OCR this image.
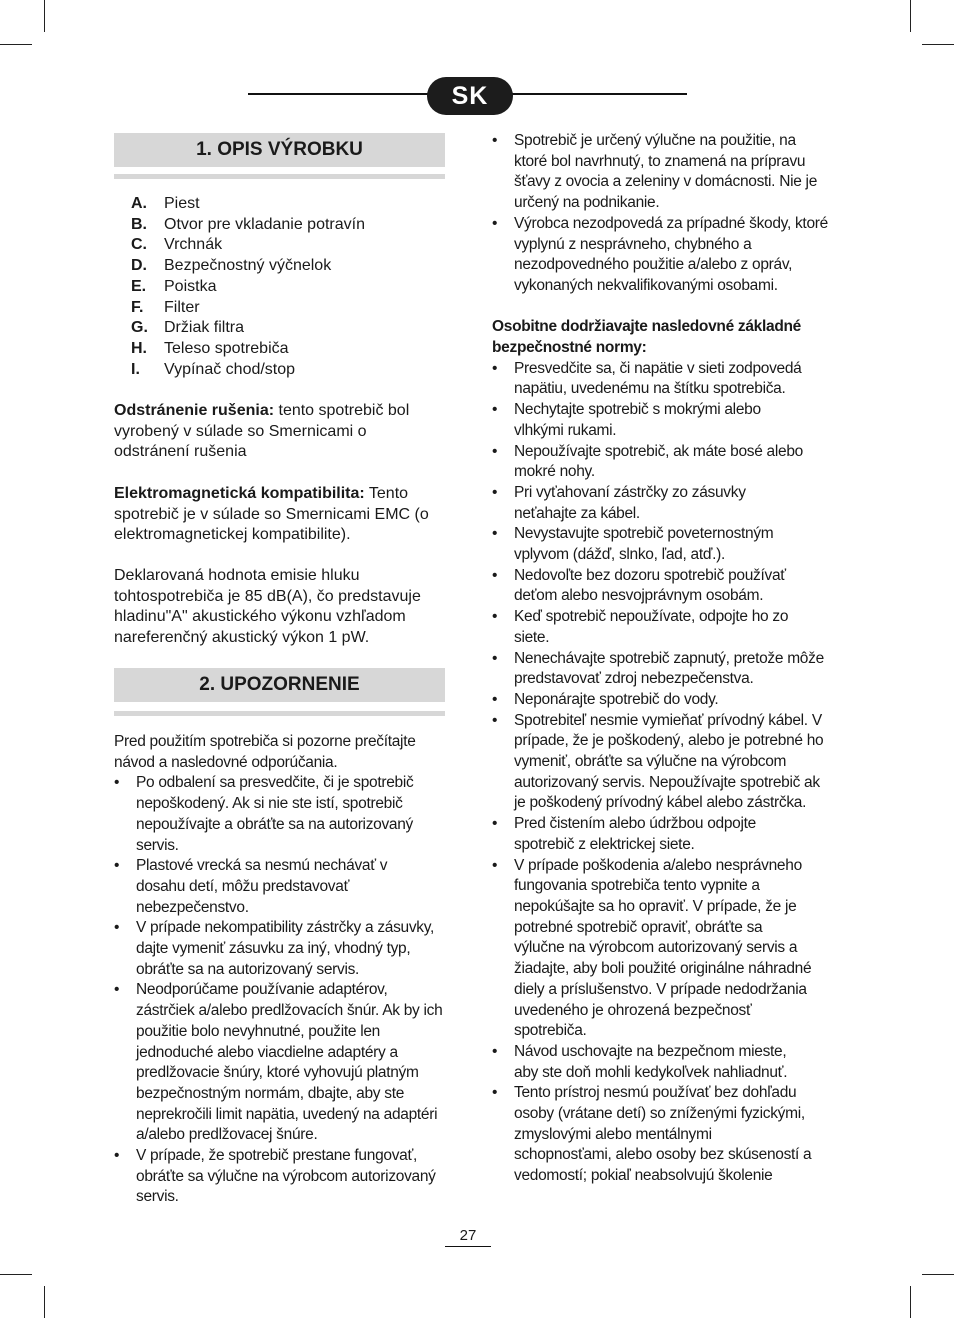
SK
1. OPIS VÝROBKU
A.	Piest
B.	Otvor pre vkladanie potravín
C.	Vrchnák
D.	Bezpečnostný výčnelok
E.	Poistka
F.	Filter
G.	Držiak filtra
H.	Teleso spotrebiča
I.	Vypínač chod/stop

Odstránenie rušenia: tento spotrebič bol vyrobený v súlade so Smernicami o odstránení rušenia

Elektromagnetická kompatibilita: Tento spotrebič je v súlade so Smernicami EMC (o elektromagnetickej kompatibilite).

Deklarovaná hodnota emisie hluku tohtospotrebiča je 85 dB(A), čo predstavuje hladinu"A" akustického výkonu vzhľadom nareferenčný akustický výkon 1 pW.

2. UPOZORNENIE

Pred použitím spotrebiča si pozorne prečítajte návod a nasledovné odporúčania.

• Po odbalení sa presvedčite, či je spotrebič nepoškodený. Ak si nie ste istí, spotrebič nepoužívajte a obráťte sa na autorizovaný servis.
• Plastové vrecká sa nesmú nechávať v dosahu detí, môžu predstavovať nebezpečenstvo.
• V prípade nekompatibility zástrčky a zásuvky, dajte vymeniť zásuvku za iný, vhodný typ, obráťte sa na autorizovaný servis.
• Neodporúčame používanie adaptérov, zástrčiek a/alebo predlžovacích šnúr. Ak by ich použitie bolo nevyhnutné, použite len jednoduché alebo viacdielne adaptéry a predlžovacie šnúry, ktoré vyhovujú platným bezpečnostným normám, dbajte, aby ste neprekročili limit napätia, uvedený na adaptéri a/alebo predlžovacej šnúre.
• V prípade, že spotrebič prestane fungovať, obráťte sa výlučne na výrobcom autorizovaný servis.
• Spotrebič je určený výlučne na použitie, na ktoré bol navrhnutý, to znamená na prípravu šťavy z ovocia a zeleniny v domácnosti. Nie je určený na podnikanie.
• Výrobca nezodpovedá za prípadné škody, ktoré vyplynú z nesprávneho, chybného a nezodpovedného použitie a/alebo z opráv, vykonaných nekvalifikovanými osobami.

Osobitne dodržiavajte nasledovné základné bezpečnostné normy:

• Presvedčite sa, či napätie v sieti zodpovedá napätiu, uvedenému na štítku spotrebiča.
• Nechytajte spotrebič s mokrými alebo vlhkými rukami.
• Nepoužívajte spotrebič, ak máte bosé alebo mokré nohy.
• Pri vyťahovaní zástrčky zo zásuvky neťahajte za kábel.
• Nevystavujte spotrebič poveternostným vplyvom (dážď, slnko, ľad, atď.).
• Nedovoľte bez dozoru spotrebič používať deťom alebo nesvojprávnym osobám.
• Keď spotrebič nepoužívate, odpojte ho zo siete.
• Nenechávajte spotrebič zapnutý, pretože môže predstavovať zdroj nebezpečenstva.
• Neponárajte spotrebič do vody.
• Spotrebiteľ nesmie vymieňať prívodný kábel. V prípade, že je poškodený, alebo je potrebné ho vymeniť, obráťte sa výlučne na výrobcom autorizovaný servis. Nepoužívajte spotrebič ak je poškodený prívodný kábel alebo zástrčka.
• Pred čistením alebo údržbou odpojte spotrebič z elektrickej siete.
• V prípade poškodenia a/alebo nesprávneho fungovania spotrebiča tento vypnite a nepokúšajte sa ho opraviť. V prípade, že je potrebné spotrebič opraviť, obráťte sa výlučne na výrobcom autorizovaný servis a žiadajte, aby boli použité originálne náhradné diely a príslušenstvo. V prípade nedodržania uvedeného je ohrozená bezpečnosť spotrebiča.
• Návod uschovajte na bezpečnom mieste, aby ste doň mohli kedykoľvek nahliadnuť.
• Tento prístroj nesmú používať bez dohľadu osoby (vrátane detí) so zníženými fyzickými, zmyslovými alebo mentálnymi schopnosťami, alebo osoby bez skúseností a vedomostí; pokiaľ neabsolvujú školenie
27
